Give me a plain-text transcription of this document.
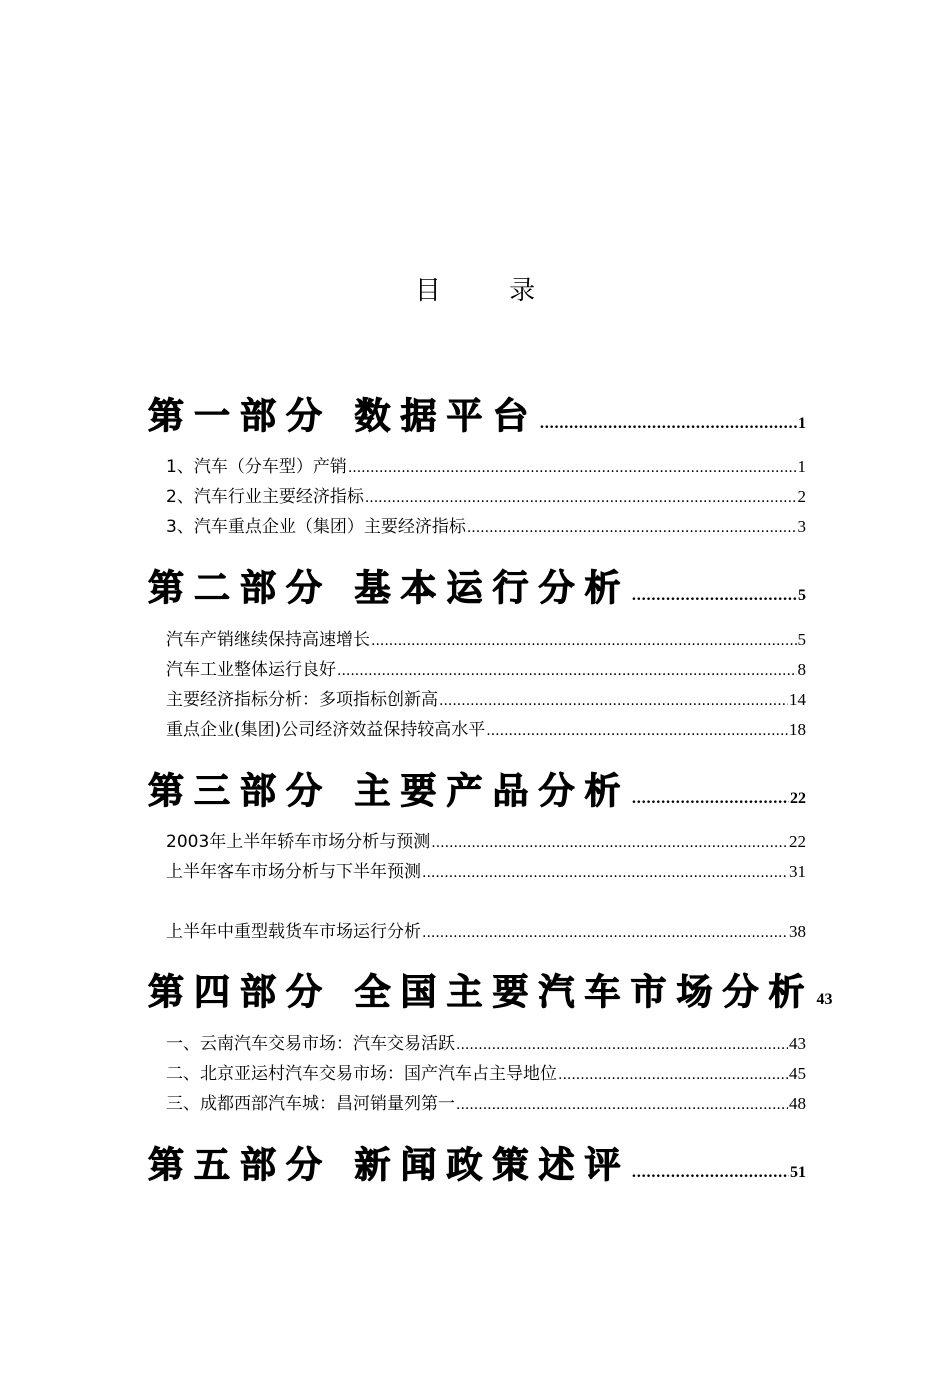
目 录
第一部分 数据平台 .....	1
1、汽车（分车型）产销 .....	1
2、汽车行业主要经济指标 .....	2
3、汽车重点企业（集团）主要经济指标 .....	3
第二部分 基本运行分析 .....	5
汽车产销继续保持高速增长 .....	5
汽车工业整体运行良好 .....	8
主要经济指标分析：多项指标创新高 .....	14
重点企业(集团)公司经济效益保持较高水平 .....	18
第三部分 主要产品分析 .....	22
2003年上半年轿车市场分析与预测 .....	22
上半年客车市场分析与下半年预测 .....	31
上半年中重型载货车市场运行分析 .....	38
第四部分 全国主要汽车市场分析 43
一、云南汽车交易市场：汽车交易活跃 .....	43
二、北京亚运村汽车交易市场：国产汽车占主导地位 .....	45
三、成都西部汽车城：昌河销量列第一 .....	48
第五部分 新闻政策述评 .....	51
